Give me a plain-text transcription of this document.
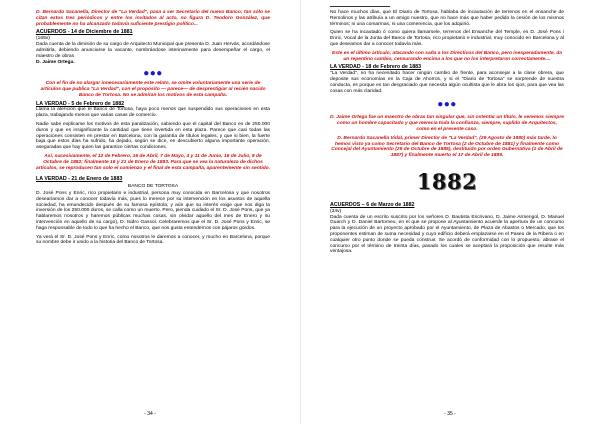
D. Bernardo Sacanella, Director de "La Verdad", pasa a ser Secretario del nuevo Banco; tan sólo se citan estos tres periódicos y entre los invitados al acto, no figura D. Teodoro González, que probablemente no ha alcanzado todavía suficiente prestigio político...

ACUERDOS - 14 de Diciembre de 1881

(165v)

Dada cuenta de la dimisión de su cargo de Arquitecto Municipal que presenta D. Juan Hervás, acordándose admitirla, debiendo anunciarse la vacante, nombrándose interinamente para desempeñar el cargo, el maestro de obras

D. Jaime Ortega.

●●●

Con el fin de no alargar innecesariamente este relato, se omite voluntariamente una serie de artículos que publica "La Verdad", con el propósito — parece— de desprestigiar al recién nacido Banco de Tortosa. No se admiran los motivos de esta campaña.

LA VERDAD - 5 de Febrero de 1882

Llama la atención que el Banco de Tortosa, haya poco menos que suspendido sus operaciones en esta plaza, trabajando menos que varias casas de comercio.

Nadie sabe explicarse los motivos de esta paralización, sabiendo que el capital del Banco es de 250.000 duros y que es insignificante la cantidad que tiene invertida en esta plaza. Parece que casi todas las operaciones consisten en prestar en Barcelona, con la garantía de títulos legales, y que si bien, la fuerte baja que estos días ha sufrido, ha dejado, según se dice, en descubierto alguna importante operación, aseguradas que hay quien las garantice ciertas condiciones.

Así, sucesivamente, el 12 de Febrero, 16 de Abril, 7 de Mayo, 4 y 11 de Junio, 16 de Julio, 8 de Octubre de 1882; finalmente 16 y 21 de Enero de 1883. Para que se vea la naturaleza de dichos artículos, se reproducen tan solo el comienzo y el final de esta campaña, aparentemente sin sentido.

LA VERDAD - 21 de Enero de 1883

BANCO DE TORTOSA

D. José Pons y Enric, rico propietario e industrial, persona muy conocida en Barcelona y que nosotros desearíamos dar a conocer todavía más, pues lo merece por su intervención en los asuntos de aquella sociedad, ha emundecido después de su famosa epístola, y aún que su interés exige que nos diga la inversión de los 250.000 duros, se calla como un muerto. Pero, pienda cuidado el Sr. D. José Pons, que ya hablaremos nosotros y haremos públicas muchas cosas, sin olvidar aquello del mes de Enero y su intervención en aquello de su cargo), D. Isidro Gassol. Celebraremos que el Sr. D. José Pons y Enric, se haga responsable de todo lo que ha hecho el Banco, que nos gusta entendernos con pájaros gordos.

Ya verá el Sr. D. José Pons y Enric, como nosotros le daremos a conocer, y mucho en Barcelona, porque su nombre debe ir unido a la historia del Banco de Tortosa.

- 34 -	- 35 -

No hace muchos días, que El Diario de Tortosa, hablaba de incautación de terrenos en el ensanche de Remolinos y las atribuía a un amigo nuestro, que no hace más que haber pedido la cesión de los mismos términos; ni una comarmas, ni una comerencia, que los adquirió.

Quien se ha incautado ó como quiera llamarsele, terrenos del Ensanche del Temple, es D. José Pons i Enric, Vocal de la Junta del Banco de Tortosa, rico propietario e industrial, muy conocido en Barcelona y al que deseamos dar a conocer todavía más.

Este es el último artículo, atacando con saña a los Directivos del Banco, pero inesperadamente, da un repentino cambio, censurando encima a los que no los interpretaron correctamente....

LA VERDAD - 18 de Febrero de 1883

"La Verdad", no ha necesitado hacer ningún cambio de frente, para aconsejar a la clase obrera, que deposite sus economías en la Caja de Ahorros, y si el "Diario de Tortosa" se sorprende de nuestra conducta, es porque es tan desgraciado que necesita algún ocultista que le abra los ojos, para que vea las cosas con más claridad.

●●●

D. Jaime Ortega fue un maestro de obras tan singular que, sin ostentar un título, le veremos siempre como un hombre capacitado y que merecía toda la confianza, siempre, suplido de Arquitectos, como en el presente caso.

D. Bernardo Sacanella Vidal, primer Director de "La Verdad", (29 Agosto de 1880) más tarde, lo hemos visto ya como Secretario del Banco de Tortosa (2 de Octubre de 1881) y finalmente como Concejal del Ayuntamiento (29 de Octubre de 1885), destituido por orden Gubernativa (1 de Abril de 1887) y finalmente muerto el 17 de Abril de 1889.

1882
ACUERDOS – 6 de Marzo de 1882

(34v)

Dada cuenta de un escrito suscrito por los señores D. Bautista Escrivano, D. Jaime Armengol, D. Manuel Guarch y D. Daniel Bartomeu, en el que se propone al Ayuntamiento acuerde la apertura de un concurso para la ejecución de un proyecto aprobado por el Ayuntamiento, de Plaza de Abastos o Mercado, que los proponentes estiman de suma necesidad y cuyo edificio deberá emplazarse en el Paseo de la Ribera o en cualquier otro punto donde se pueda construir. Se acordó de conformidad con lo propuesto, abrase el concurso por el término de treinta días, pasado los cuales se aceptará la proposición que resulte más ventajosa.
